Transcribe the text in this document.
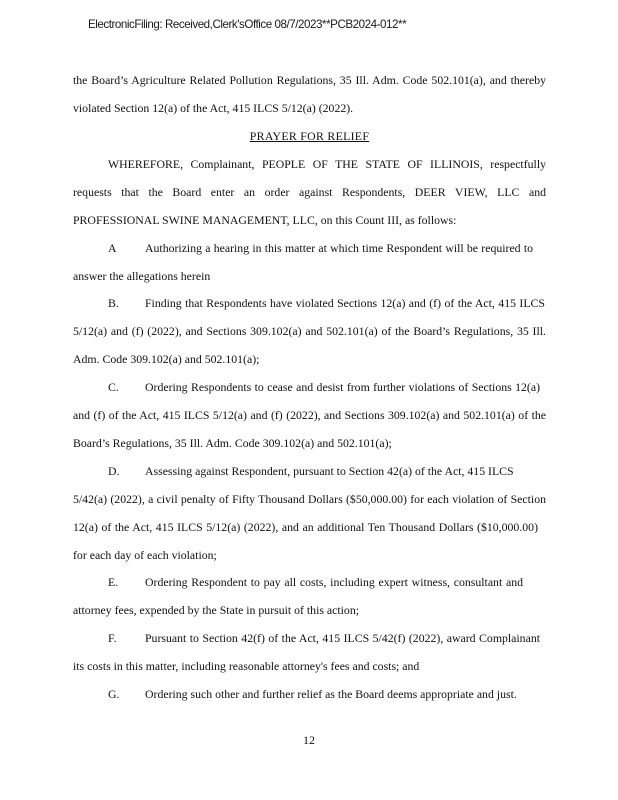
ElectronicFiling: Received,Clerk'sOffice 08/7/2023**PCB2024-012**
the Board’s Agriculture Related Pollution Regulations, 35 Ill. Adm. Code 502.101(a), and thereby
violated Section 12(a) of the Act, 415 ILCS 5/12(a) (2022).
PRAYER FOR RELIEF
WHEREFORE, Complainant, PEOPLE OF THE STATE OF ILLINOIS, respectfully
requests that the Board enter an order against Respondents, DEER VIEW, LLC and
PROFESSIONAL SWINE MANAGEMENT, LLC, on this Count III, as follows:
A Authorizing a hearing in this matter at which time Respondent will be required to
answer the allegations herein
B. Finding that Respondents have violated Sections 12(a) and (f) of the Act, 415 ILCS
5/12(a) and (f) (2022), and Sections 309.102(a) and 502.101(a) of the Board’s Regulations, 35 Ill.
Adm. Code 309.102(a) and 502.101(a);
C. Ordering Respondents to cease and desist from further violations of Sections 12(a)
and (f) of the Act, 415 ILCS 5/12(a) and (f) (2022), and Sections 309.102(a) and 502.101(a) of the
Board’s Regulations, 35 Ill. Adm. Code 309.102(a) and 502.101(a);
D. Assessing against Respondent, pursuant to Section 42(a) of the Act, 415 ILCS
5/42(a) (2022), a civil penalty of Fifty Thousand Dollars ($50,000.00) for each violation of Section
12(a) of the Act, 415 ILCS 5/12(a) (2022), and an additional Ten Thousand Dollars ($10,000.00)
for each day of each violation;
E. Ordering Respondent to pay all costs, including expert witness, consultant and
attorney fees, expended by the State in pursuit of this action;
F. Pursuant to Section 42(f) of the Act, 415 ILCS 5/42(f) (2022), award Complainant
its costs in this matter, including reasonable attorney's fees and costs; and
G. Ordering such other and further relief as the Board deems appropriate and just.
12
